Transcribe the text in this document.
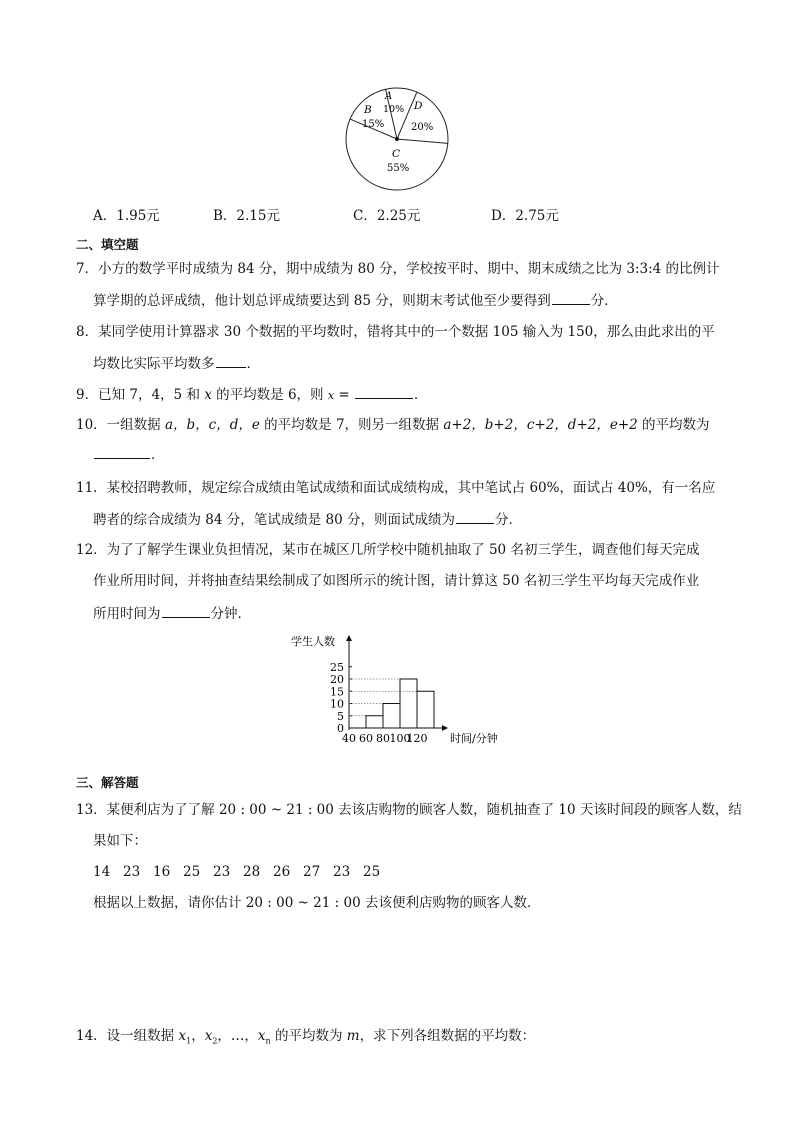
A
10% D
20%
C
55%
B
15%
A．1.95元	B．2.15元	C．2.25元	D．2.75元
二、填空题
7．小方的数学平时成绩为 84 分，期中成绩为 80 分，学校按平时、期中、期末成绩之比为 3:3:4 的比例计
算学期的总评成绩，他计划总评成绩要达到 85 分，则期末考试他至少要得到	分．
8．某同学使用计算器求 30 个数据的平均数时，错将其中的一个数据 105 输入为 150，那么由此求出的平
均数比实际平均数多 ．
9．已知 7，4，5 和 x 的平均数是 6，则 x =	．
10．一组数据 a，b，c，d，e 的平均数是 7，则另一组数据 a+2，b+2，c+2，d+2，e+2 的平均数为
．
11．某校招聘教师，规定综合成绩由笔试成绩和面试成绩构成，其中笔试占 60%，面试占 40%，有一名应
聘者的综合成绩为 84 分，笔试成绩是 80 分，则面试成绩为	分．
12．为了了解学生课业负担情况，某市在城区几所学校中随机抽取了 50 名初三学生，调查他们每天完成
作业所用时间，并将抽查结果绘制成了如图所示的统计图，请计算这 50 名初三学生平均每天完成作业
所用时间为	分钟．
学生人数
0
5
10
15
20
25
40 60 80 100
120 时间/分钟
三、解答题
13．某便利店为了了解 20 : 00 ~ 21 : 00 去该店购物的顾客人数，随机抽查了 10 天该时间段的顾客人数，结
果如下：
14 23 16 25 23 28 26 27 23 25
根据以上数据，请你估计 20 : 00 ~ 21 : 00 去该便利店购物的顾客人数．
14．设一组数据 $x_1$，$x_2$，…，$x_n$ 的平均数为 m，求下列各组数据的平均数：
